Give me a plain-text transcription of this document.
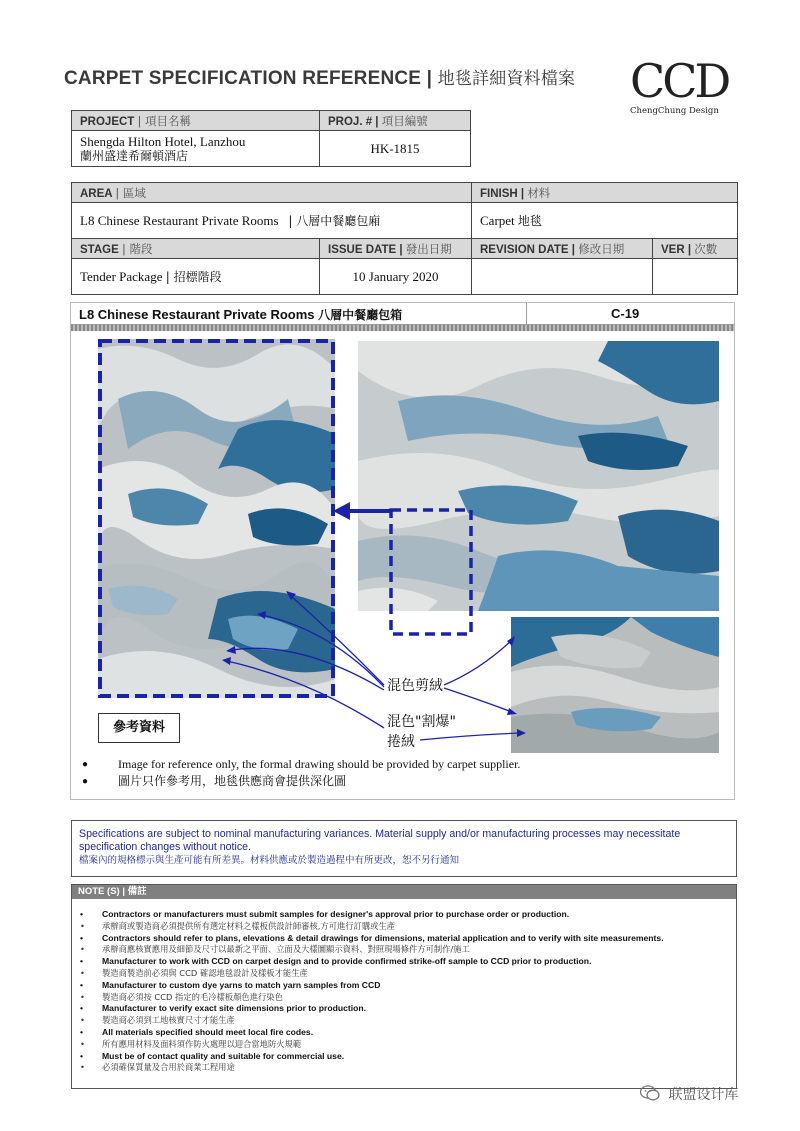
CARPET SPECIFICATION REFERENCE | 地毯詳細資料檔案 CCD
ChengChung Design
PROJECT | 項目名稱	PROJ. # | 項目編號

Shengda Hilton Hotel, Lanzhou
蘭州盛達希爾頓酒店	HK-1815
AREA | 區域		FINISH | 材料	
L8 Chinese Restaurant Private Rooms | 八層中餐廳包廂		Carpet 地毯	
STAGE | 階段	ISSUE DATE | 發出日期	REVISION DATE | 修改日期	VER | 次數
Tender Package | 招標階段	10 January 2020		
L8 Chinese Restaurant Private Rooms 八層中餐廳包箱	C-19
參考資料
混色剪絨
混色"割爆"
捲絨
● Image for reference only, the formal drawing should be provided by carpet supplier.
● 圖片只作參考用，地毯供應商會提供深化圖
Specifications are subject to nominal manufacturing variances. Material supply and/or manufacturing processes may necessitate specification changes without notice.
檔案內的規格標示與生產可能有所差異。材料供應或於製造過程中有所更改，恕不另行通知
NOTE (S) | 備註
• Contractors or manufacturers must submit samples for designer's approval prior to purchase order or production.
• 承辦商或製造商必須提供所有選定材料之樣板供設計師審核,方可進行訂購或生產
• Contractors should refer to plans, elevations & detail drawings for dimensions, material application and to verify with site measurements.
• 承辦商應核實應用及細節及尺寸以最新之平面、立面及大樣圖顯示資料、對照現場條件方可制作/施工
• Manufacturer to work with CCD on carpet design and to provide confirmed strike-off sample to CCD prior to production.
• 製造商製造前必須與 CCD 確認地毯設計及樣板才能生產
• Manufacturer to custom dye yarns to match yarn samples from CCD
• 製造商必須按 CCD 指定的毛冷樣板顏色進行染色
• Manufacturer to verify exact site dimensions prior to production.
• 製造商必須到工地核實尺寸才能生產
• All materials specified should meet local fire codes.
• 所有應用材料及面料須作防火處理以迎合當地防火規範
• Must be of contact quality and suitable for commercial use.
• 必須確保質量及合用於商業工程用途
联盟设计库
